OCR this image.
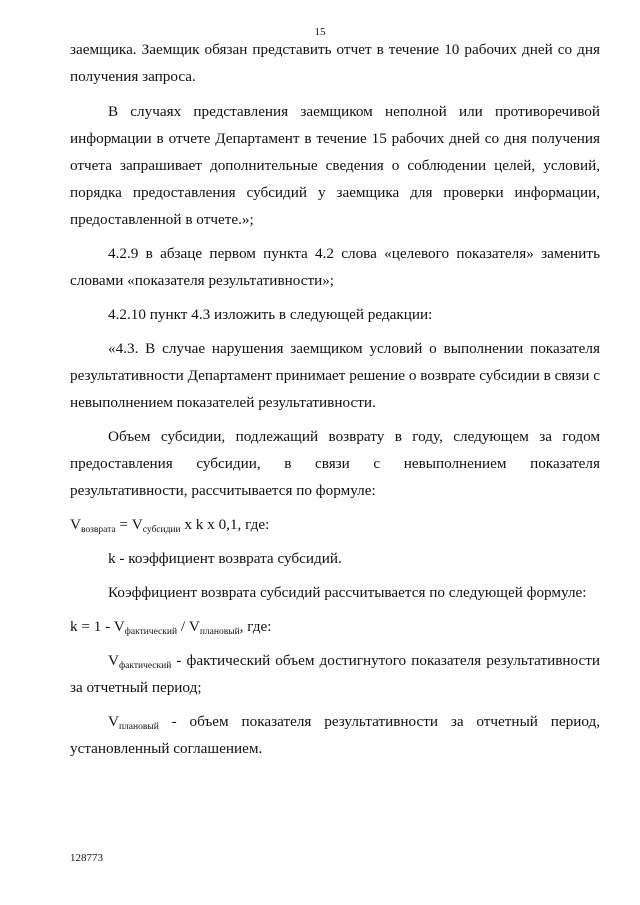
15

заемщика. Заемщик обязан представить отчет в течение 10 рабочих дней со дня получения запроса.

В случаях представления заемщиком неполной или противоречивой информации в отчете Департамент в течение 15 рабочих дней со дня получения отчета запрашивает дополнительные сведения о соблюдении целей, условий, порядка предоставления субсидий у заемщика для проверки информации, предоставленной в отчете.»;

4.2.9 в абзаце первом пункта 4.2 слова «целевого показателя» заменить словами «показателя результативности»;

4.2.10 пункт 4.3 изложить в следующей редакции:

«4.3. В случае нарушения заемщиком условий о выполнении показателя результативности Департамент принимает решение о возврате субсидии в связи с невыполнением показателей результативности.

Объем субсидии, подлежащий возврату в году, следующем за годом предоставления субсидии, в связи с невыполнением показателя результативности, рассчитывается по формуле:

$V_{возврата} = V_{субсидии}$ x k x 0,1, где:

k - коэффициент возврата субсидий.

Коэффициент возврата субсидий рассчитывается по следующей формуле:

$k = 1 - V_{фактический} / V_{плановый}$, где:

$V_{фактический}$ - фактический объем достигнутого показателя результативности за отчетный период;

$V_{плановый}$ - объем показателя результативности за отчетный период, установленный соглашением.

128773
